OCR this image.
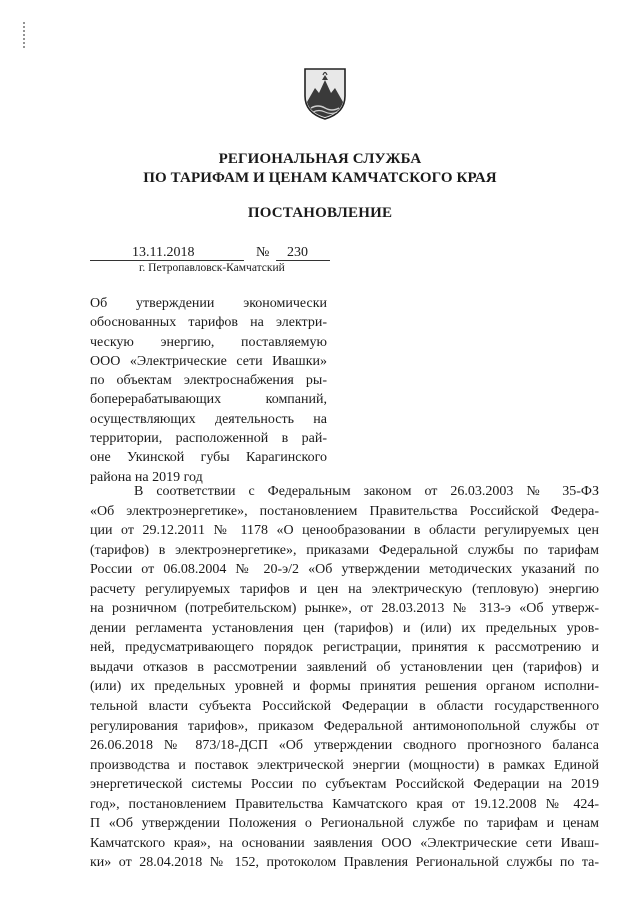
РЕГИОНАЛЬНАЯ СЛУЖБА
ПО ТАРИФАМ И ЦЕНАМ КАМЧАТСКОГО КРАЯ
ПОСТАНОВЛЕНИЕ
13.11.2018	№ 230
г. Петропавловск-Камчатский
Об утверждении экономически
обоснованных тарифов на электри-
ческую энергию, поставляемую
ООО «Электрические сети Ивашки»
по объектам электроснабжения ры-
боперерабатывающих компаний,
осуществляющих деятельность на
территории, расположенной в рай-
оне Укинской губы Карагинского
района на 2019 год
В соответствии с Федеральным законом от 26.03.2003 № 35-ФЗ
«Об электроэнергетике», постановлением Правительства Российской Федера-
ции от 29.12.2011 № 1178 «О ценообразовании в области регулируемых цен
(тарифов) в электроэнергетике», приказами Федеральной службы по тарифам
России от 06.08.2004 № 20-э/2 «Об утверждении методических указаний по
расчету регулируемых тарифов и цен на электрическую (тепловую) энергию
на розничном (потребительском) рынке», от 28.03.2013 № 313-э «Об утверж-
дении регламента установления цен (тарифов) и (или) их предельных уров-
ней, предусматривающего порядок регистрации, принятия к рассмотрению и
выдачи отказов в рассмотрении заявлений об установлении цен (тарифов) и
(или) их предельных уровней и формы принятия решения органом исполни-
тельной власти субъекта Российской Федерации в области государственного
регулирования тарифов», приказом Федеральной антимонопольной службы от
26.06.2018 № 873/18-ДСП «Об утверждении сводного прогнозного баланса
производства и поставок электрической энергии (мощности) в рамках Единой
энергетической системы России по субъектам Российской Федерации на 2019
год», постановлением Правительства Камчатского края от 19.12.2008 № 424-
П «Об утверждении Положения о Региональной службе по тарифам и ценам
Камчатского края», на основании заявления ООО «Электрические сети Ивaш-
ки» от 28.04.2018 № 152, протоколом Правления Региональной службы по та-
